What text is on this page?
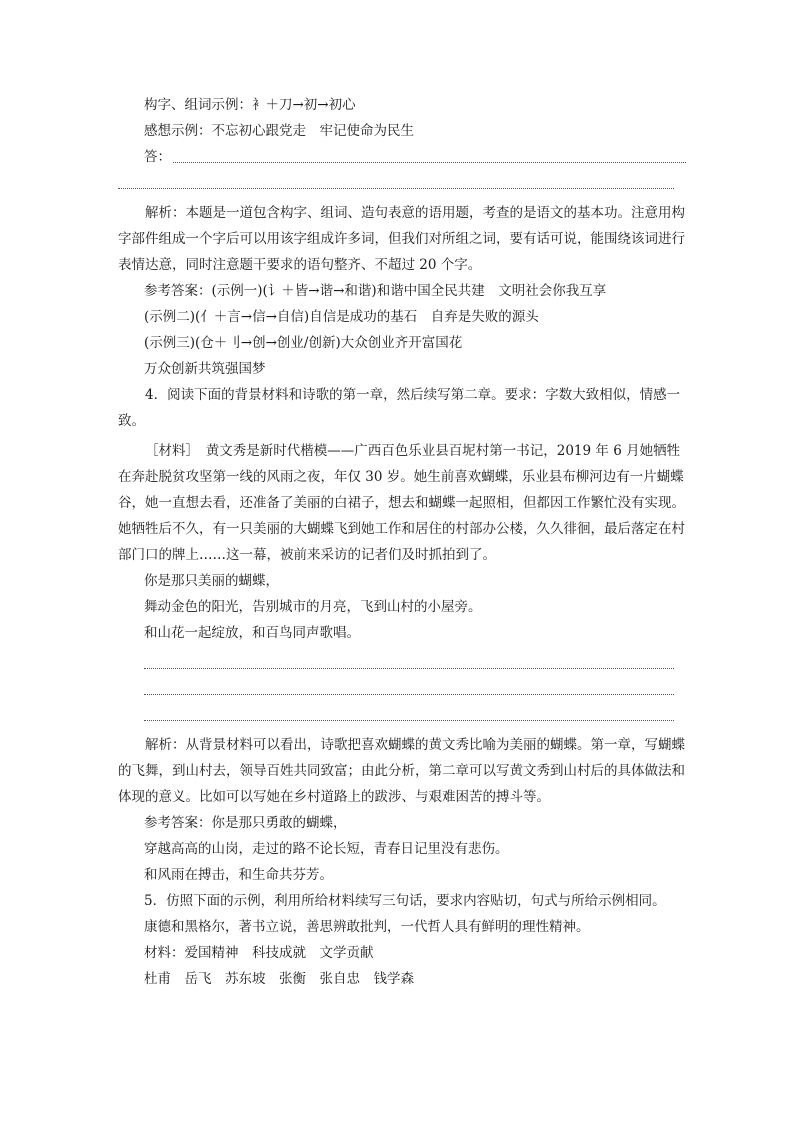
构字、组词示例：衤＋刀→初→初心

感想示例：不忘初心跟党走　牢记使命为民生

答：

解析：本题是一道包含构字、组词、造句表意的语用题，考查的是语文的基本功。注意用构字部件组成一个字后可以用该字组成许多词，但我们对所组之词，要有话可说，能围绕该词进行表情达意，同时注意题干要求的语句整齐、不超过 20 个字。

参考答案：(示例一)(讠＋皆→谐→和谐)和谐中国全民共建　文明社会你我互享

(示例二)(亻＋言→信→自信)自信是成功的基石　自弃是失败的源头

(示例三)(仓＋刂→创→创业/创新)大众创业齐开富国花

万众创新共筑强国梦

4．阅读下面的背景材料和诗歌的第一章，然后续写第二章。要求：字数大致相似，情感一致。

［材料］　黄文秀是新时代楷模——广西百色乐业县百坭村第一书记，2019 年 6 月她牺牲在奔赴脱贫攻坚第一线的风雨之夜，年仅 30 岁。她生前喜欢蝴蝶，乐业县布柳河边有一片蝴蝶谷，她一直想去看，还准备了美丽的白裙子，想去和蝴蝶一起照相，但都因工作繁忙没有实现。她牺牲后不久，有一只美丽的大蝴蝶飞到她工作和居住的村部办公楼，久久徘徊，最后落定在村部门口的牌上……这一幕，被前来采访的记者们及时抓拍到了。

你是那只美丽的蝴蝶，

舞动金色的阳光，告别城市的月亮，飞到山村的小屋旁。

和山花一起绽放，和百鸟同声歌唱。

解析：从背景材料可以看出，诗歌把喜欢蝴蝶的黄文秀比喻为美丽的蝴蝶。第一章，写蝴蝶的飞舞，到山村去，领导百姓共同致富；由此分析，第二章可以写黄文秀到山村后的具体做法和体现的意义。比如可以写她在乡村道路上的跋涉、与艰难困苦的搏斗等。

参考答案：你是那只勇敢的蝴蝶，

穿越高高的山岗，走过的路不论长短，青春日记里没有悲伤。

和风雨在搏击，和生命共芬芳。

5．仿照下面的示例，利用所给材料续写三句话，要求内容贴切，句式与所给示例相同。

康德和黑格尔，著书立说，善思辨敢批判，一代哲人具有鲜明的理性精神。

材料：爱国精神　科技成就　文学贡献

杜甫　岳飞　苏东坡　张衡　张自忠　钱学森
